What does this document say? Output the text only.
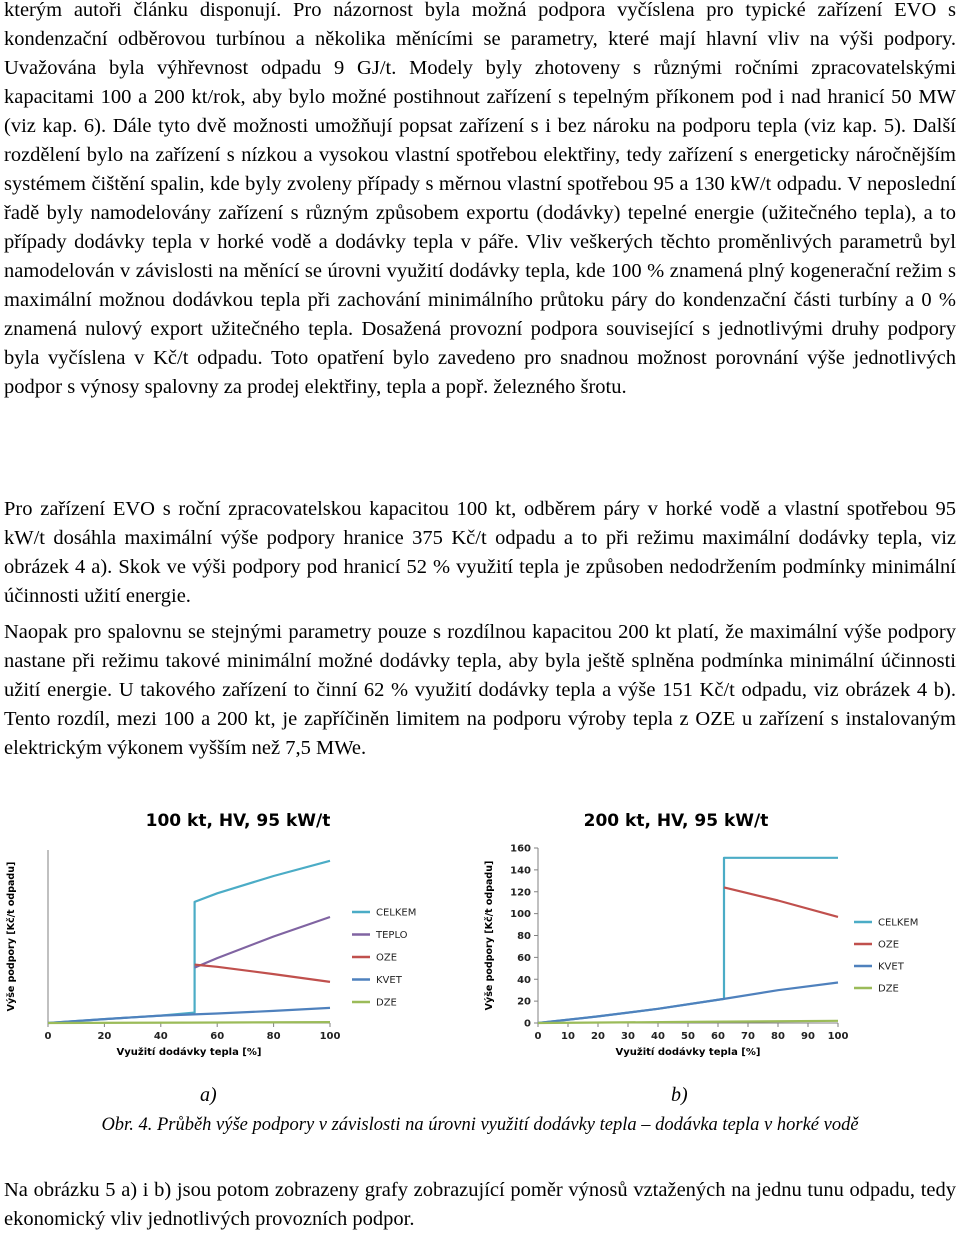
kterým autoři článku disponují. Pro názornost byla možná podpora vyčíslena pro typické zařízení EVO s kondenzační odběrovou turbínou a několika měnícími se parametry, které mají hlavní vliv na výši podpory. Uvažována byla výhřevnost odpadu 9 GJ/t. Modely byly zhotoveny s různými ročními zpracovatelskými kapacitami 100 a 200 kt/rok, aby bylo možné postihnout zařízení s tepelným příkonem pod i nad hranicí 50 MW (viz kap. 6). Dále tyto dvě možnosti umožňují popsat zařízení s i bez nároku na podporu tepla (viz kap. 5). Další rozdělení bylo na zařízení s nízkou a vysokou vlastní spotřebou elektřiny, tedy zařízení s energeticky náročnějším systémem čištění spalin, kde byly zvoleny případy s měrnou vlastní spotřebou 95 a 130 kW/t odpadu. V neposlední řadě byly namodelovány zařízení s různým způsobem exportu (dodávky) tepelné energie (užitečného tepla), a to případy dodávky tepla v horké vodě a dodávky tepla v páře. Vliv veškerých těchto proměnlivých parametrů byl namodelován v závislosti na měnící se úrovni využití dodávky tepla, kde 100 % znamená plný kogenerační režim s maximální možnou dodávkou tepla při zachování minimálního průtoku páry do kondenzační části turbíny a 0 % znamená nulový export užitečného tepla. Dosažená provozní podpora související s jednotlivými druhy podpory byla vyčíslena v Kč/t odpadu. Toto opatření bylo zavedeno pro snadnou možnost porovnání výše jednotlivých podpor s výnosy spalovny za prodej elektřiny, tepla a popř. železného šrotu.

Pro zařízení EVO s roční zpracovatelskou kapacitou 100 kt, odběrem páry v horké vodě a vlastní spotřebou 95 kW/t dosáhla maximální výše podpory hranice 375 Kč/t odpadu a to při režimu maximální dodávky tepla, viz obrázek 4 a). Skok ve výši podpory pod hranicí 52 % využití tepla je způsoben nedodržením podmínky minimální účinnosti užití energie.

Naopak pro spalovnu se stejnými parametry pouze s rozdílnou kapacitou 200 kt platí, že maximální výše podpory nastane při režimu takové minimální možné dodávky tepla, aby byla ještě splněna podmínka minimální účinnosti užití energie. U takového zařízení to činní 62 % využití dodávky tepla a výše 151 Kč/t odpadu, viz obrázek 4 b). Tento rozdíl, mezi 100 a 200 kt, je zapříčiněn limitem na podporu výroby tepla z OZE u zařízení s instalovaným elektrickým výkonem vyšším než 7,5 MWe.

100 kt, HV, 95 kW/t
0	20	40	60	80	100
Výše podpory [Kč/t odpadu]
Využití dodávky tepla [%]
CELKEM
TEPLO
OZE
KVET
DZE
200 kt, HV, 95 kW/t
0 10 20 30 40 50 60 70 80 90 100
0
20
40
60
80
100
120
140
160
Výše podpory [Kč/t odpadu]
Využití dodávky tepla [%]
CELKEM
OZE
KVET
DZE
a)	b)
Obr. 4. Průběh výše podpory v závislosti na úrovni využití dodávky tepla – dodávka tepla v horké vodě

Na obrázku 5 a) i b) jsou potom zobrazeny grafy zobrazující poměr výnosů vztažených na jednu tunu odpadu, tedy ekonomický vliv jednotlivých provozních podpor.
